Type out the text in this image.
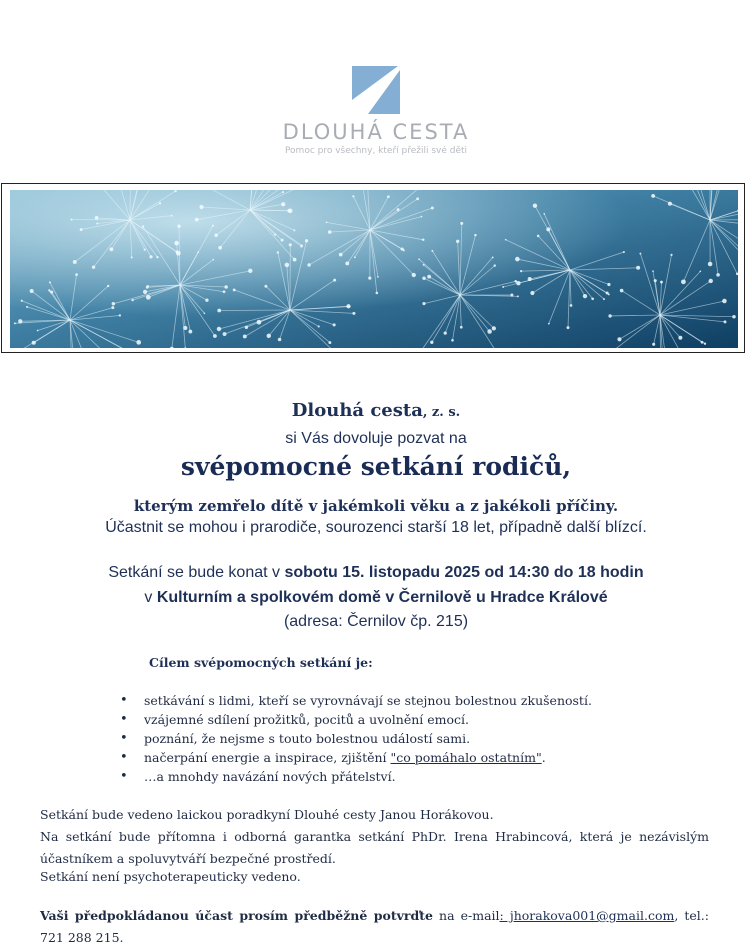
DLOUHÁ CESTA
Pomoc pro všechny, kteří přežili své děti
Dlouhá cesta, z. s.
si Vás dovoluje pozvat na
svépomocné setkání rodičů,
kterým zemřelo dítě v jakémkoli věku a z jakékoli příčiny.
Účastnit se mohou i prarodiče, sourozenci starší 18 let, případně další blízcí.
Setkání se bude konat v sobotu 15. listopadu 2025 od 14:30 do 18 hodin
v Kulturním a spolkovém domě v Černilově u Hradce Králové
(adresa: Černilov čp. 215)
Cílem svépomocných setkání je:
• setkávání s lidmi, kteří se vyrovnávají se stejnou bolestnou zkušeností.
• vzájemné sdílení prožitků, pocitů a uvolnění emocí.
• poznání, že nejsme s touto bolestnou událostí sami.
• načerpání energie a inspirace, zjištění "co pomáhalo ostatním".
• …a mnohdy navázání nových přátelství.
Setkání bude vedeno laickou poradkyní Dlouhé cesty Janou Horákovou.
Na setkání bude přítomna i odborná garantka setkání PhDr. Irena Hrabincová, která je nezávislým účastníkem a spoluvytváří bezpečné prostředí.
Setkání není psychoterapeuticky vedeno.
Vaši předpokládanou účast prosím předběžně potvrďte na e-mail: jhorakova001@gmail.com, tel.: 721 288 215.
